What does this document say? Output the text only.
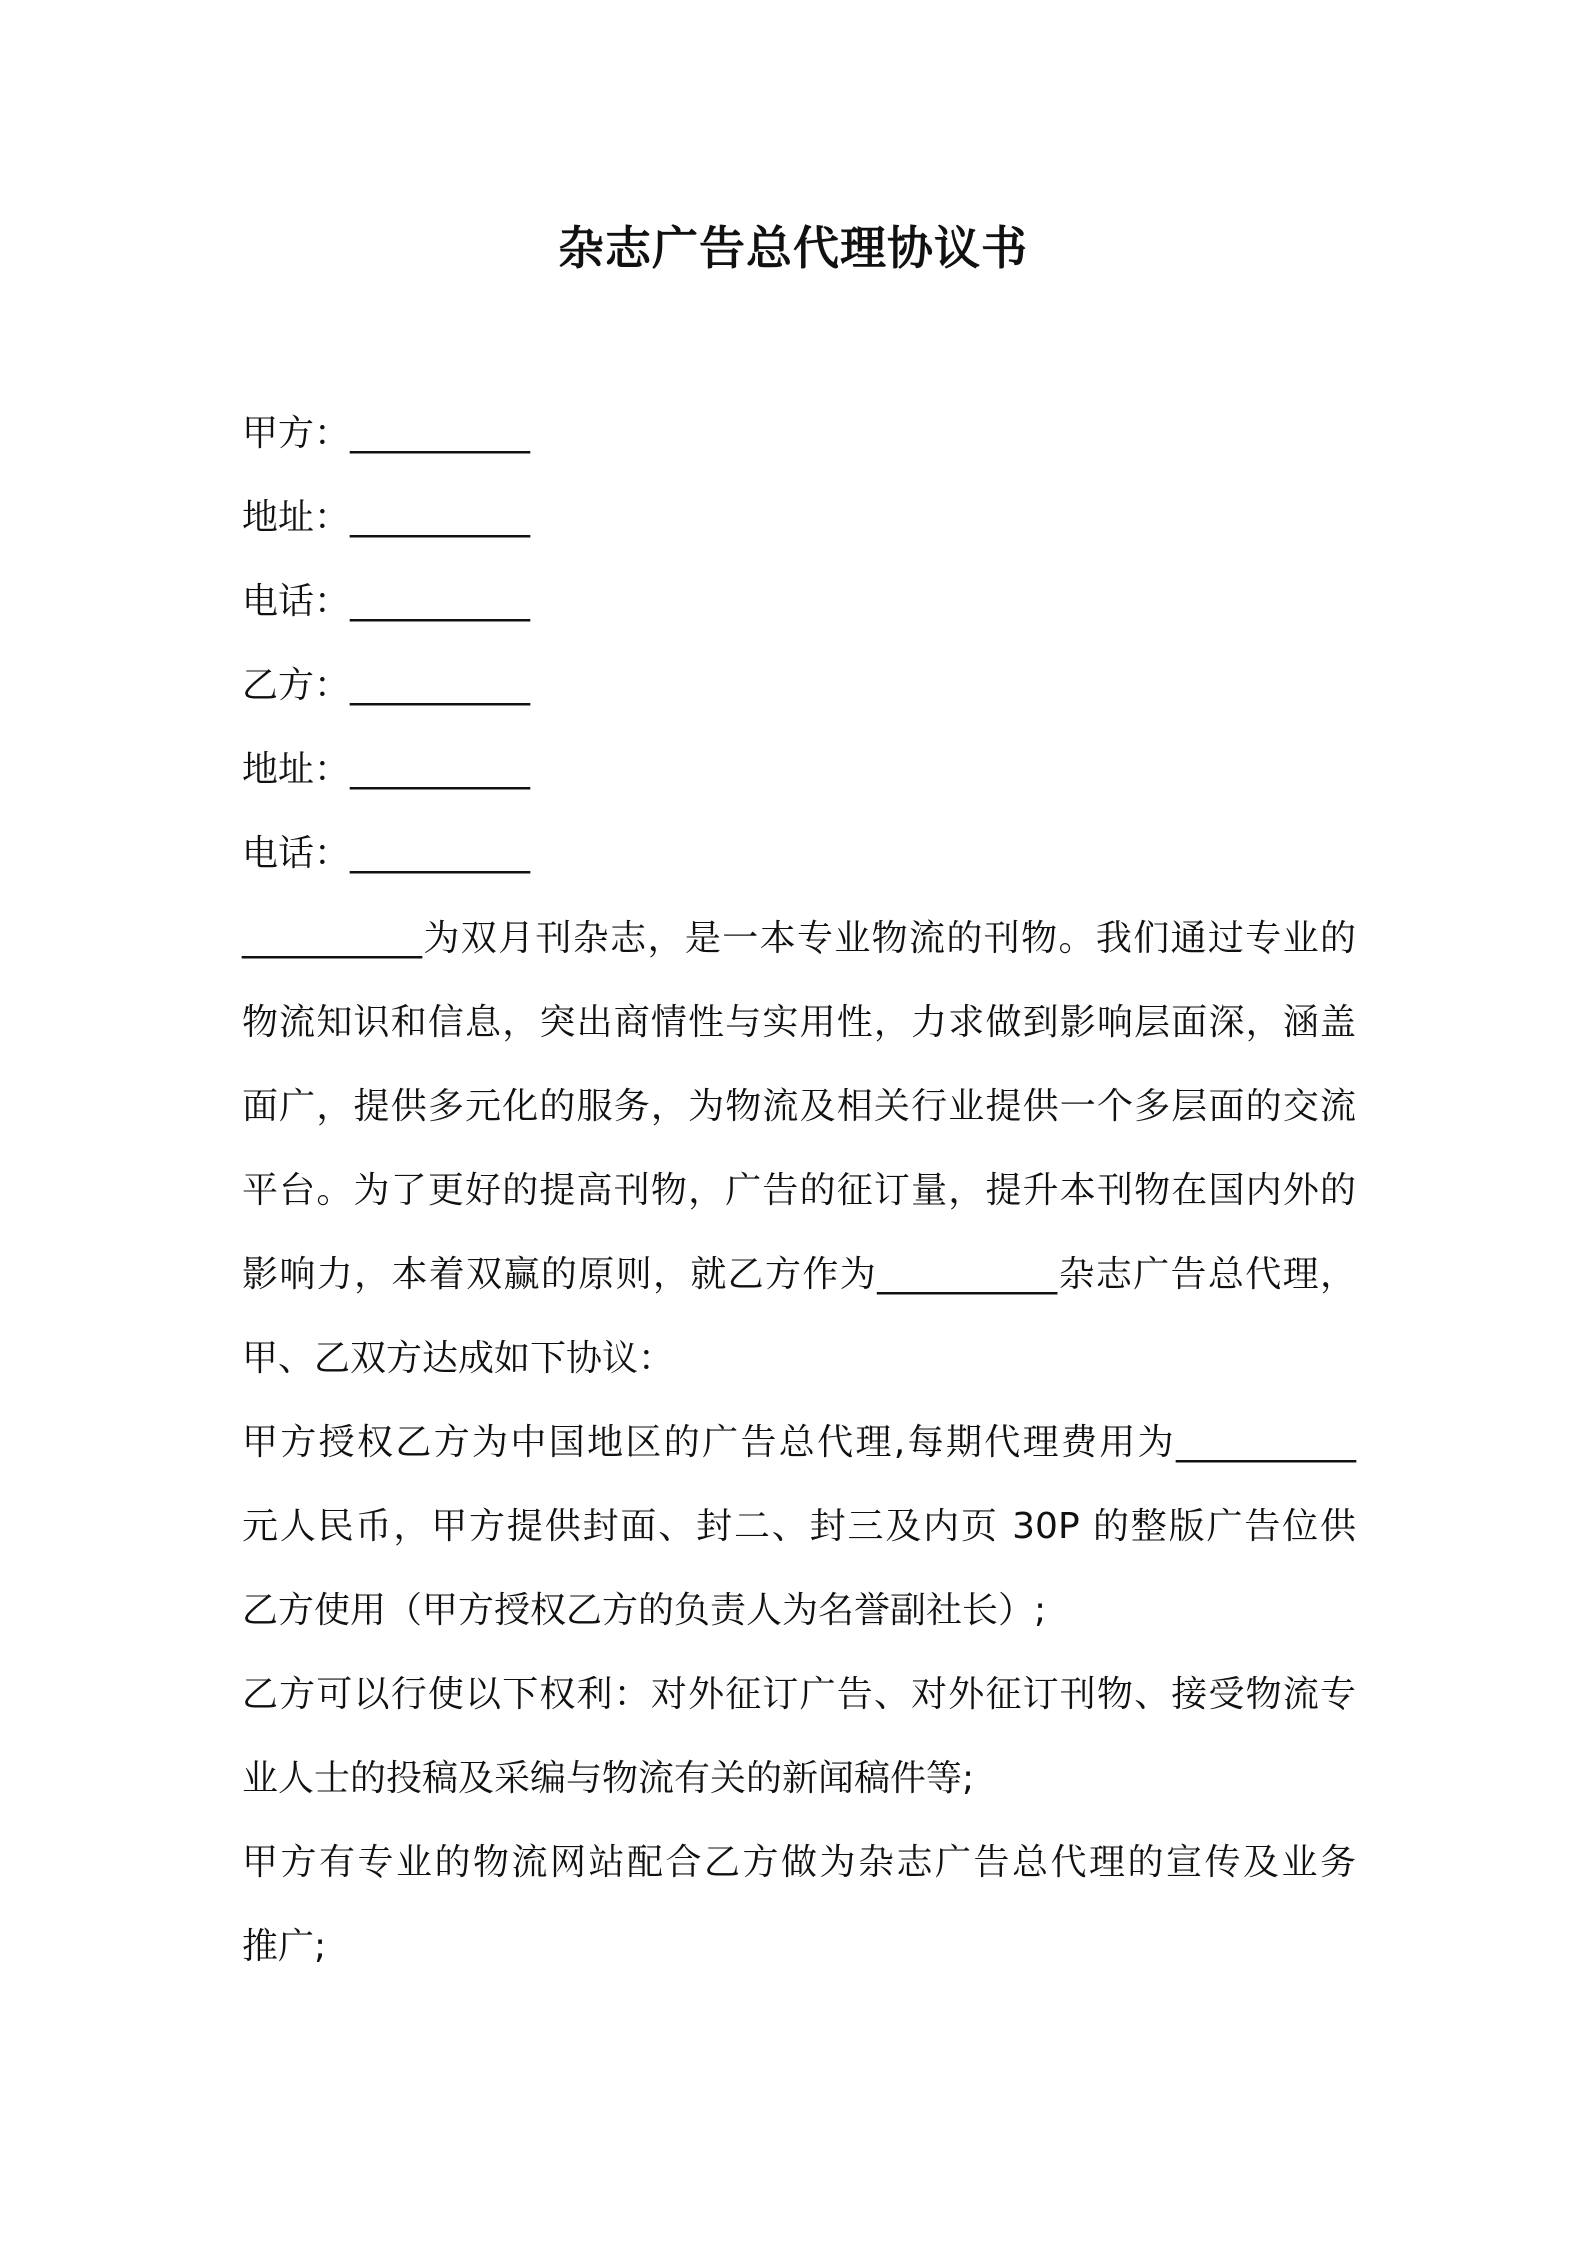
杂志广告总代理协议书
甲方：__________
地址：__________
电话：__________
乙方：__________
地址：__________
电话：__________
__________为双月刊杂志，是一本专业物流的刊物。我们通过专业的
物流知识和信息，突出商情性与实用性，力求做到影响层面深，涵盖
面广，提供多元化的服务，为物流及相关行业提供一个多层面的交流
平台。为了更好的提高刊物，广告的征订量，提升本刊物在国内外的
影响力，本着双赢的原则，就乙方作为__________杂志广告总代理，
甲、乙双方达成如下协议：
甲方授权乙方为中国地区的广告总代理,每期代理费用为__________
元人民币，甲方提供封面、封二、封三及内页 30P 的整版广告位供
乙方使用（甲方授权乙方的负责人为名誉副社长）;
乙方可以行使以下权利：对外征订广告、对外征订刊物、接受物流专
业人士的投稿及采编与物流有关的新闻稿件等;
甲方有专业的物流网站配合乙方做为杂志广告总代理的宣传及业务
推广;
